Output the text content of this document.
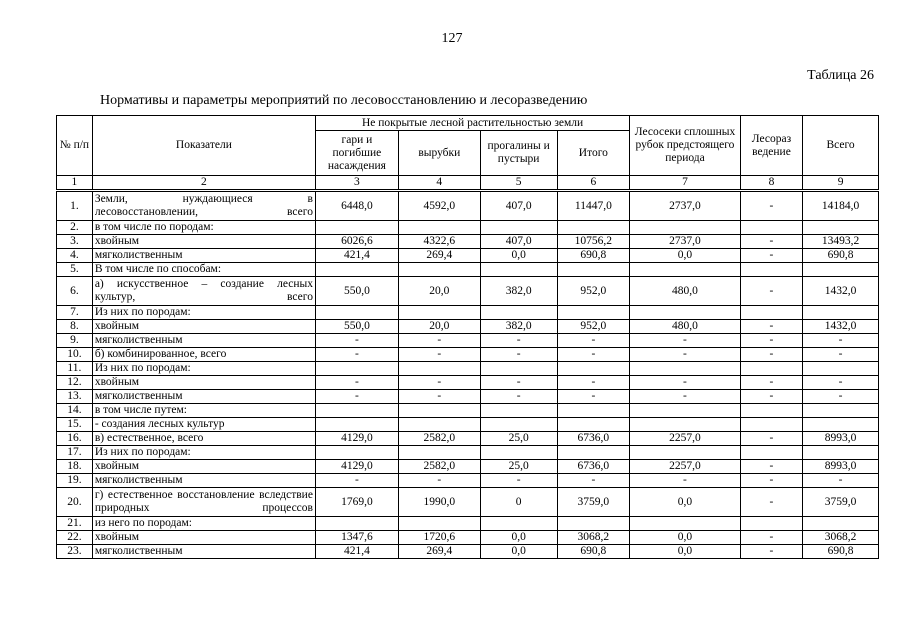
127
Таблица 26
Нормативы и параметры мероприятий по лесовосстановлению и лесоразведению
№ п/п	Показатели	Не покрытые лесной растительностью земли				Лесосеки сплошных рубок предстоящего периода	Лесораз ведение	Всего
		гари и погибшие насаждения	вырубки	прогалины и пустыри	Итого			
1	2	3	4	5	6	7	8	9
1.	Земли, нуждающиеся в лесовосстановлении, всего	6448,0	4592,0	407,0	11447,0	2737,0	-	14184,0
2.	в том числе по породам:							
3.	хвойным	6026,6	4322,6	407,0	10756,2	2737,0	-	13493,2
4.	мягколиственным	421,4	269,4	0,0	690,8	0,0	-	690,8
5.	В том числе по способам:							
6.	а) искусственное – создание лесных культур, всего	550,0	20,0	382,0	952,0	480,0	-	1432,0
7.	Из них по породам:							
8.	хвойным	550,0	20,0	382,0	952,0	480,0	-	1432,0
9.	мягколиственным	-	-	-	-	-	-	-
10.	б) комбинированное, всего	-	-	-	-	-	-	-
11.	Из них по породам:							
12.	хвойным	-	-	-	-	-	-	-
13.	мягколиственным	-	-	-	-	-	-	-
14.	в том числе путем:							
15.	- создания лесных культур							
16.	в) естественное, всего	4129,0	2582,0	25,0	6736,0	2257,0	-	8993,0
17.	Из них по породам:							
18.	хвойным	4129,0	2582,0	25,0	6736,0	2257,0	-	8993,0
19.	мягколиственным	-	-	-	-	-	-	-
20.	г) естественное восстановление вследствие природных процессов	1769,0	1990,0	0	3759,0	0,0	-	3759,0
21.	из него по породам:							
22.	хвойным	1347,6	1720,6	0,0	3068,2	0,0	-	3068,2
23.	мягколиственным	421,4	269,4	0,0	690,8	0,0	-	690,8
